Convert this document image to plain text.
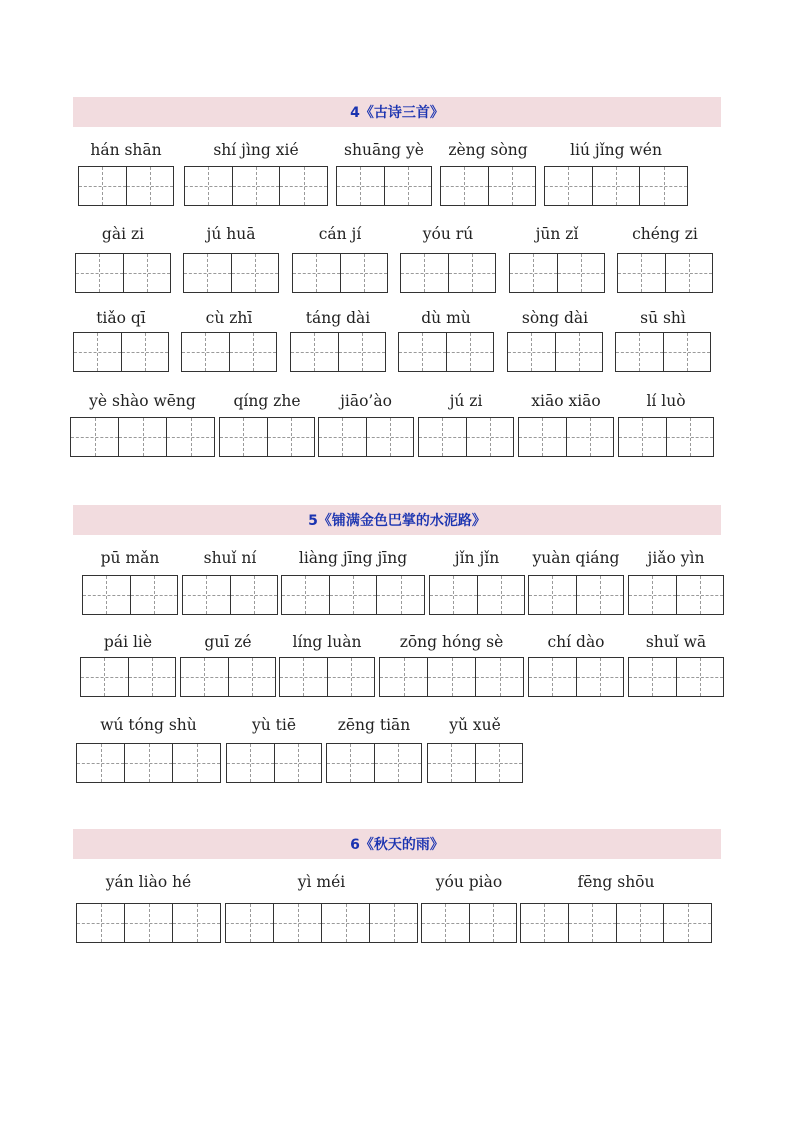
4《古诗三首》
5《铺满金色巴掌的水泥路》
6《秋天的雨》
hán shān	shí jìng xié	shuāng yè	zèng sòng	liú jǐng wén
gài zi	jú huā	cán jí	yóu rú	jūn zǐ	chéng zi
tiǎo qī	cù zhī	táng dài	dù mù	sòng dài	sū shì
yè shào wēng	qíng zhe	jiāo’ào	jú zi	xiāo xiāo	lí luò
pū mǎn	shuǐ ní	liàng jīng jīng	jǐn jǐn	yuàn qiáng	jiǎo yìn
pái liè	guī zé	líng luàn	zōng hóng sè	chí dào	shuǐ wā
wú tóng shù	yù tiē	zēng tiān	yǔ xuě
yán liào hé	yì méi	yóu piào	fēng shōu
